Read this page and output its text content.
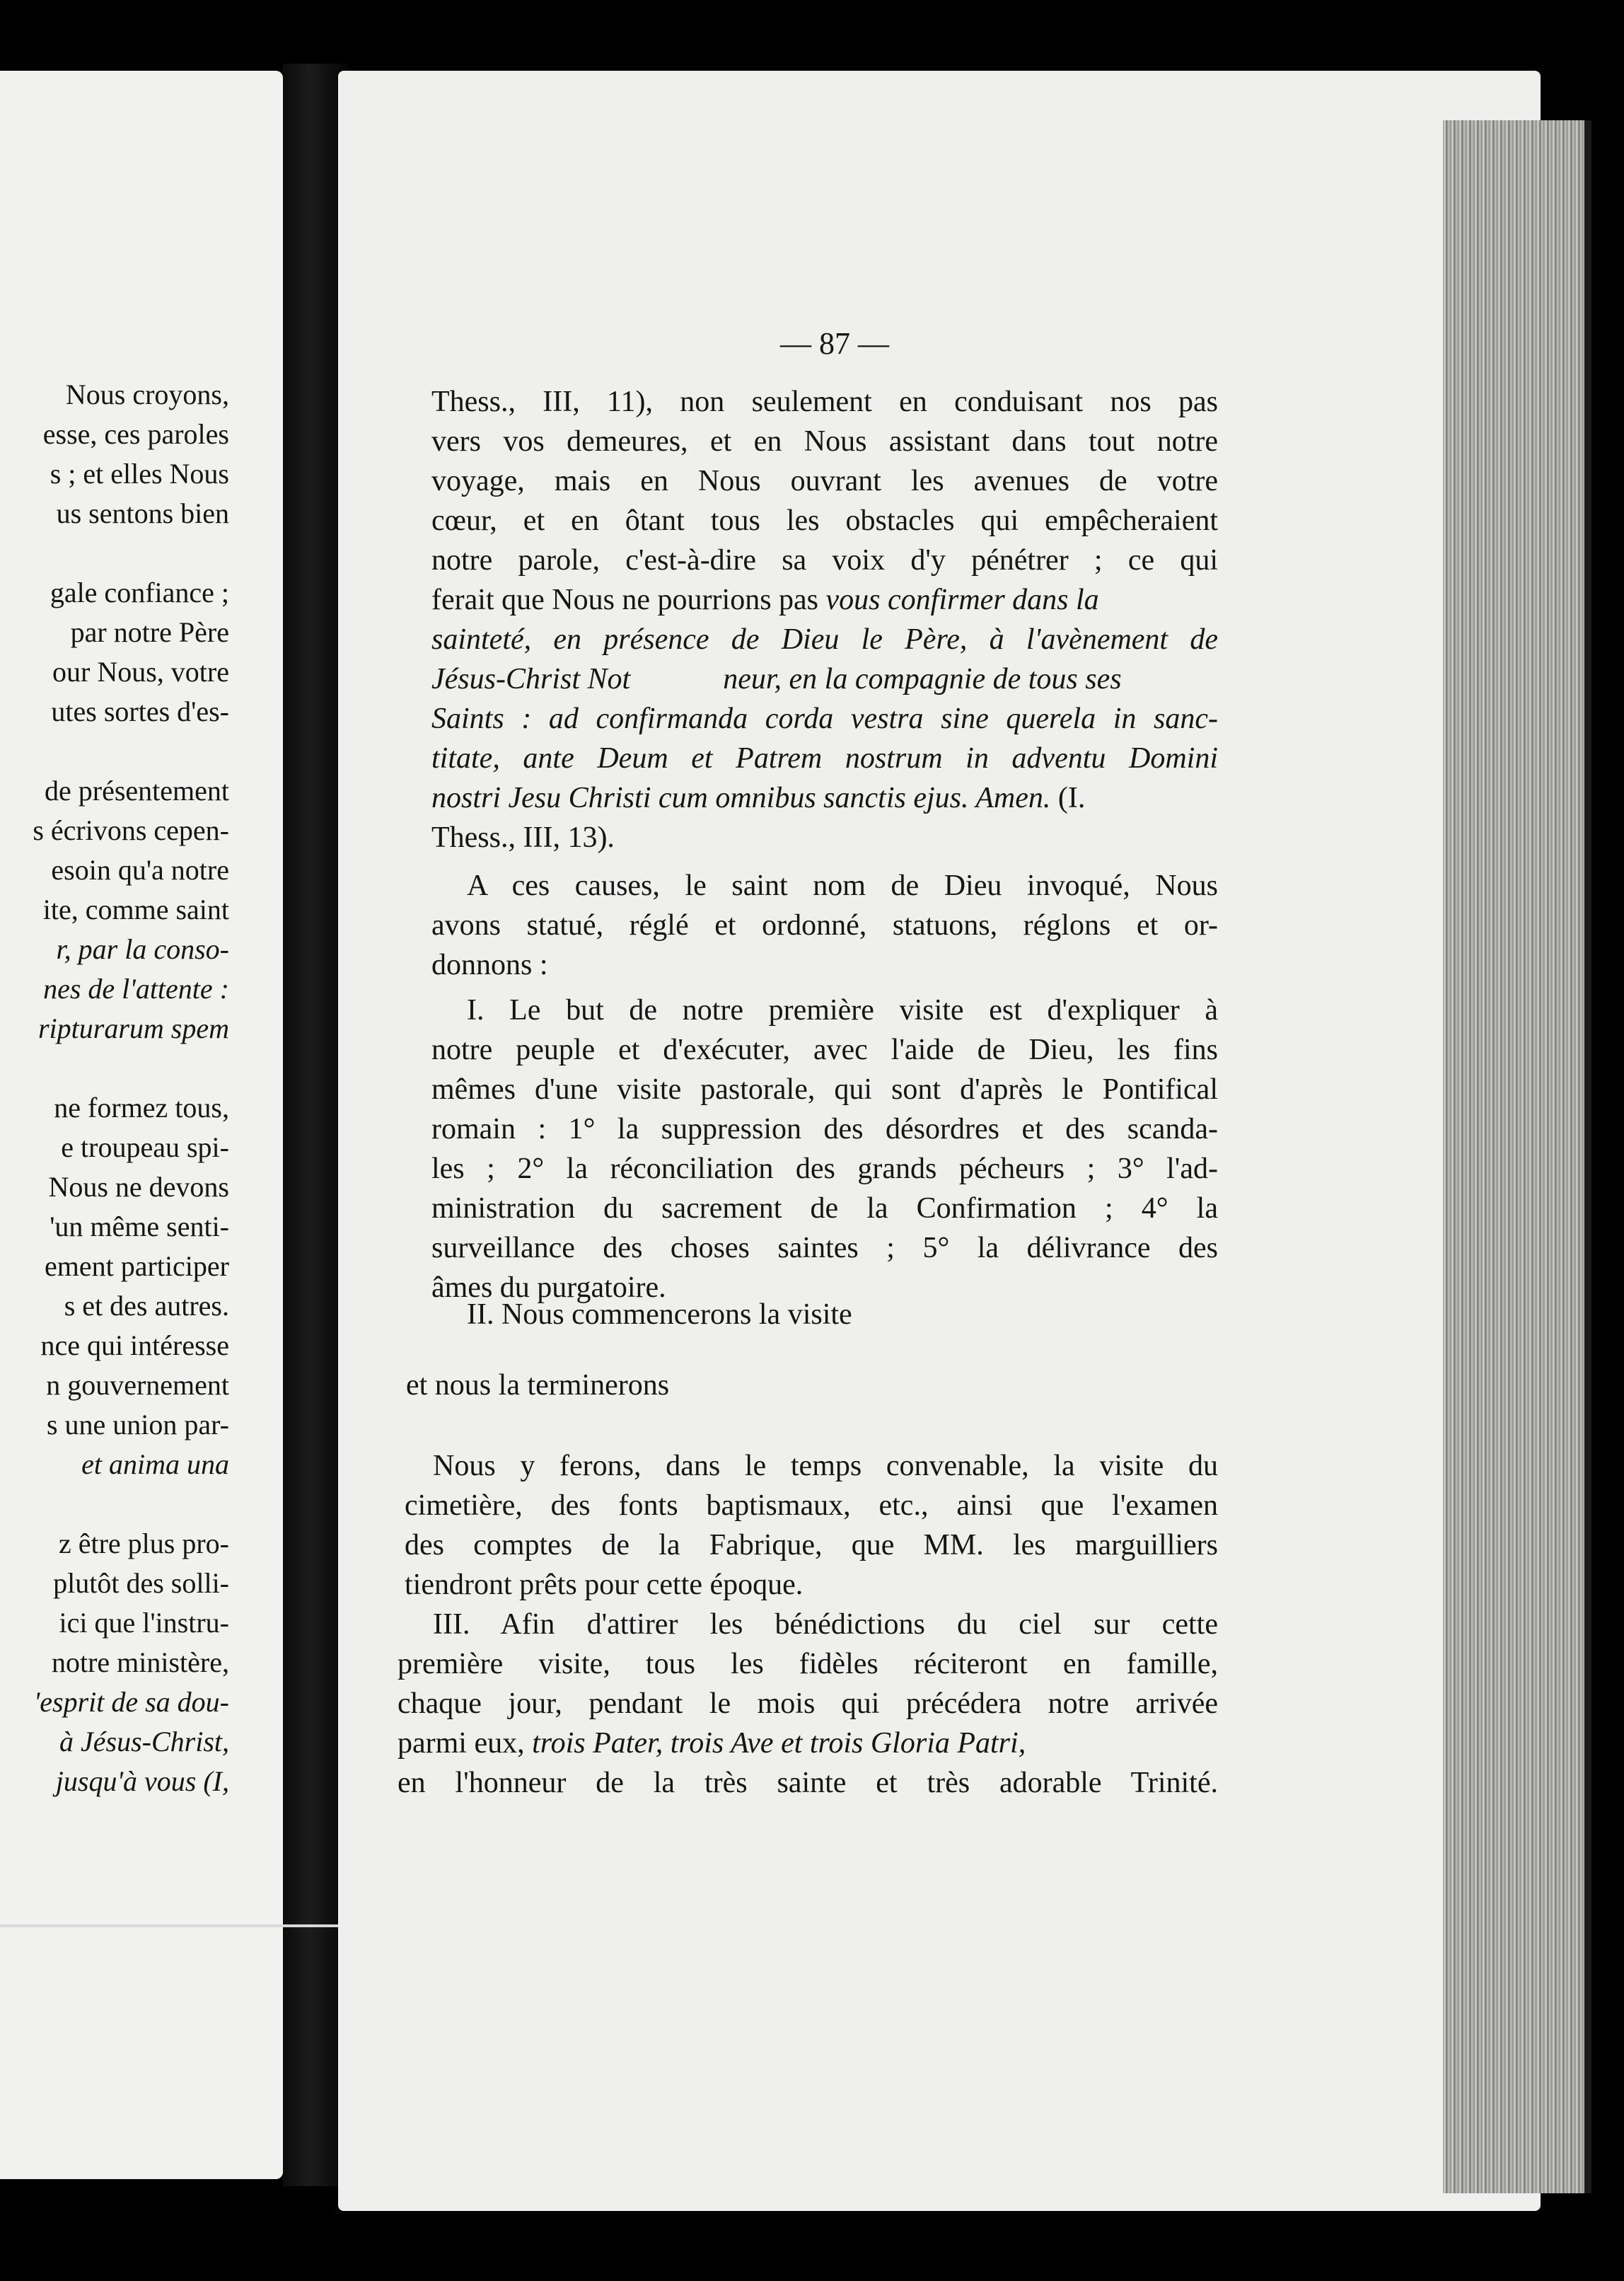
Nous croyons,
esse, ces paroles
s ; et elles Nous
us sentons bien
gale confiance ;
par notre Père
our Nous, votre
utes sortes d'es-
de présentement
s écrivons cepen-
esoin qu'a notre
ite, comme saint
r, par la conso-
nes de l'attente :
ripturarum spem
ne formez tous,
e troupeau spi-
Nous ne devons
'un même senti-
ement participer
s et des autres.
nce qui intéresse
n gouvernement
s une union par-
et anima una
z être plus pro-
plutôt des solli-
ici que l'instru-
notre ministère,
'esprit de sa dou-
à Jésus-Christ,
jusqu'à vous (I,
— 87 —
Thess., III, 11), non seulement en conduisant nos pas
vers vos demeures, et en Nous assistant dans tout notre
voyage, mais en Nous ouvrant les avenues de votre
cœur, et en ôtant tous les obstacles qui empêcheraient
notre parole, c'est-à-dire sa voix d'y pénétrer ; ce qui
ferait que Nous ne pourrions pas vous confirmer dans la
sainteté, en présence de Dieu le Père, à l'avènement de
Jésus-Christ Not	neur, en la compagnie de tous ses
Saints : ad confirmanda corda vestra sine querela in sanc-
titate, ante Deum et Patrem nostrum in adventu Domini
nostri Jesu Christi cum omnibus sanctis ejus. Amen. (I.
Thess., III, 13).
A ces causes, le saint nom de Dieu invoqué, Nous
avons statué, réglé et ordonné, statuons, réglons et or-
donnons :
I. Le but de notre première visite est d'expliquer à
notre peuple et d'exécuter, avec l'aide de Dieu, les fins
mêmes d'une visite pastorale, qui sont d'après le Pontifical
romain : 1° la suppression des désordres et des scanda-
les ; 2° la réconciliation des grands pécheurs ; 3° l'ad-
ministration du sacrement de la Confirmation ; 4° la
surveillance des choses saintes ; 5° la délivrance des
âmes du purgatoire.
II. Nous commencerons la visite
et nous la terminerons
Nous y ferons, dans le temps convenable, la visite du
cimetière, des fonts baptismaux, etc., ainsi que l'examen
des comptes de la Fabrique, que MM. les marguilliers
tiendront prêts pour cette époque.
III. Afin d'attirer les bénédictions du ciel sur cette
première visite, tous les fidèles réciteront en famille,
chaque jour, pendant le mois qui précédera notre arrivée
parmi eux, trois Pater, trois Ave et trois Gloria Patri,
en l'honneur de la très sainte et très adorable Trinité.
